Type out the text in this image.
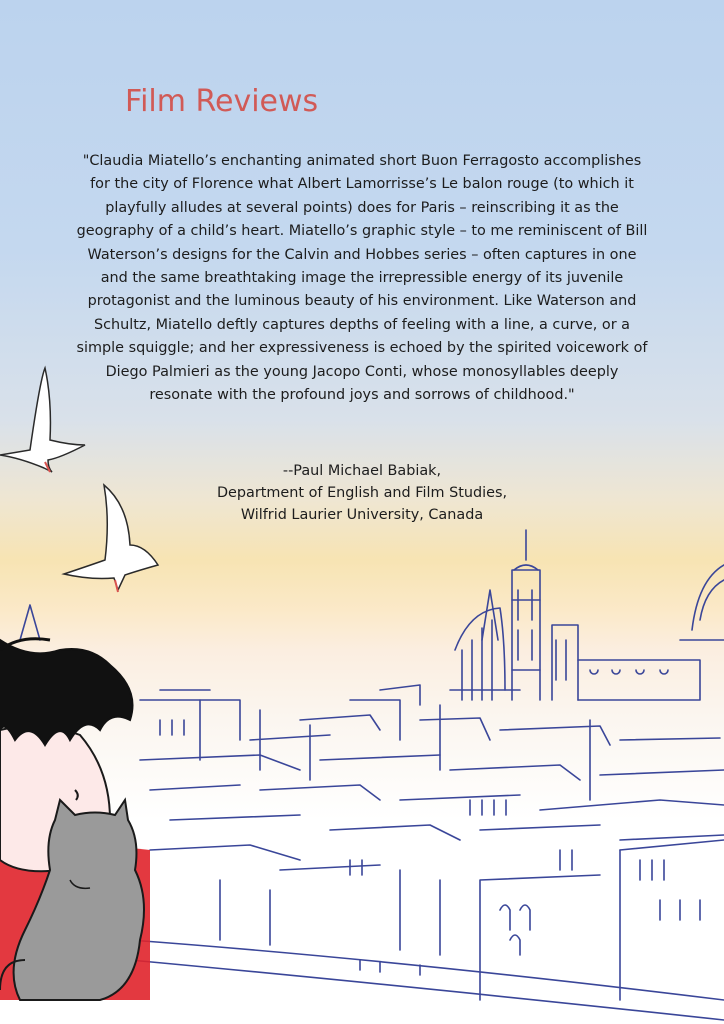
Film Reviews

"Claudia Miatello’s enchanting animated short Buon Ferragosto accomplishes for the city of Florence what Albert Lamorrisse’s Le balon rouge (to which it playfully alludes at several points) does for Paris – reinscribing it as the geography of a child’s heart. Miatello’s graphic style – to me reminiscent of Bill Waterson’s designs for the Calvin and Hobbes series – often captures in one and the same breathtaking image the irrepressible energy of its juvenile protagonist and the luminous beauty of his environment. Like Waterson and Schultz, Miatello deftly captures depths of feeling with a line, a curve, or a simple squiggle; and her expressiveness is echoed by the spirited voicework of Diego Palmieri as the young Jacopo Conti, whose monosyllables deeply resonate with the profound joys and sorrows of childhood."

--Paul Michael Babiak,
Department of English and Film Studies,
Wilfrid Laurier University, Canada
